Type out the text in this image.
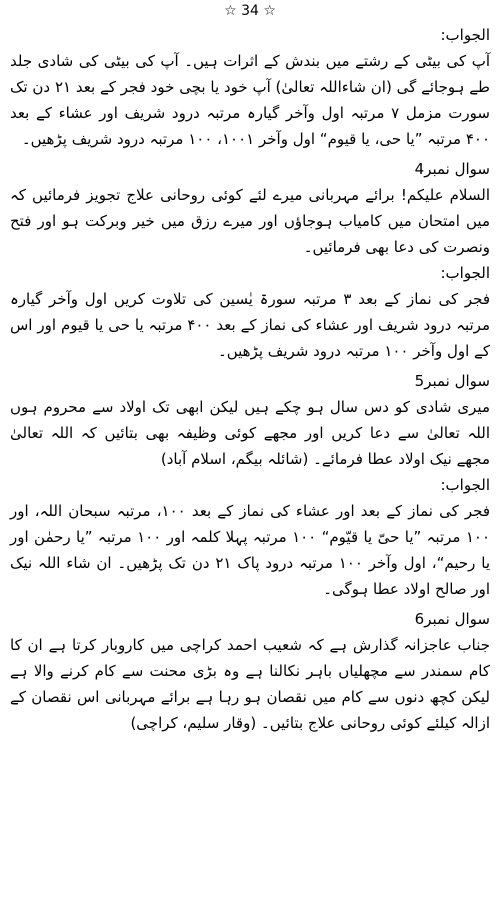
☆ 34 ☆
الجواب:
آپ کی بیٹی کے رشتے میں بندش کے اثرات ہیں۔ آپ کی بیٹی کی شادی جلد طے ہوجائے گی (ان شاءاللہ تعالیٰ) آپ خود یا بچی خود فجر کے بعد ۲۱ دن تک سورت مزمل ۷ مرتبہ اول وآخر گیارہ مرتبہ درود شریف اور عشاء کے بعد ۴۰۰ مرتبہ ”یا حی، یا قیوم“ اول وآخر ۱۰۰۱، ۱۰۰ مرتبہ درود شریف پڑھیں۔
سوال نمبر4
السلام علیکم! برائے مہربانی میرے لئے کوئی روحانی علاج تجویز فرمائیں کہ میں امتحان میں کامیاب ہوجاؤں اور میرے رزق میں خیر وبرکت ہو اور فتح ونصرت کی دعا بھی فرمائیں۔
الجواب:
فجر کی نماز کے بعد ۳ مرتبہ سورۃ یٰسین کی تلاوت کریں اول وآخر گیارہ مرتبہ درود شریف اور عشاء کی نماز کے بعد ۴۰۰ مرتبہ یا حی یا قیوم اور اس کے اول وآخر ۱۰۰ مرتبہ درود شریف پڑھیں۔
سوال نمبر5
میری شادی کو دس سال ہو چکے ہیں لیکن ابھی تک اولاد سے محروم ہوں اللہ تعالیٰ سے دعا کریں اور مجھے کوئی وظیفہ بھی بتائیں کہ اللہ تعالیٰ مجھے نیک اولاد عطا فرمائے۔ (شائلہ بیگم، اسلام آباد)
الجواب:
فجر کی نماز کے بعد اور عشاء کی نماز کے بعد ۱۰۰، مرتبہ سبحان اللہ، اور ۱۰۰ مرتبہ ”یا حیّ یا قیّوم“ ۱۰۰ مرتبہ پہلا کلمہ اور ۱۰۰ مرتبہ ”یا رحمٰن اور یا رحیم“، اول وآخر ۱۰۰ مرتبہ درود پاک ۲۱ دن تک پڑھیں۔ ان شاء اللہ نیک اور صالح اولاد عطا ہوگی۔
سوال نمبر6
جناب عاجزانہ گذارش ہے کہ شعیب احمد کراچی میں کاروبار کرتا ہے ان کا کام سمندر سے مچھلیاں باہر نکالنا ہے وہ بڑی محنت سے کام کرنے والا ہے لیکن کچھ دنوں سے کام میں نقصان ہو رہا ہے برائے مہربانی اس نقصان کے ازالہ کیلئے کوئی روحانی علاج بتائیں۔ (وقار سلیم، کراچی)
